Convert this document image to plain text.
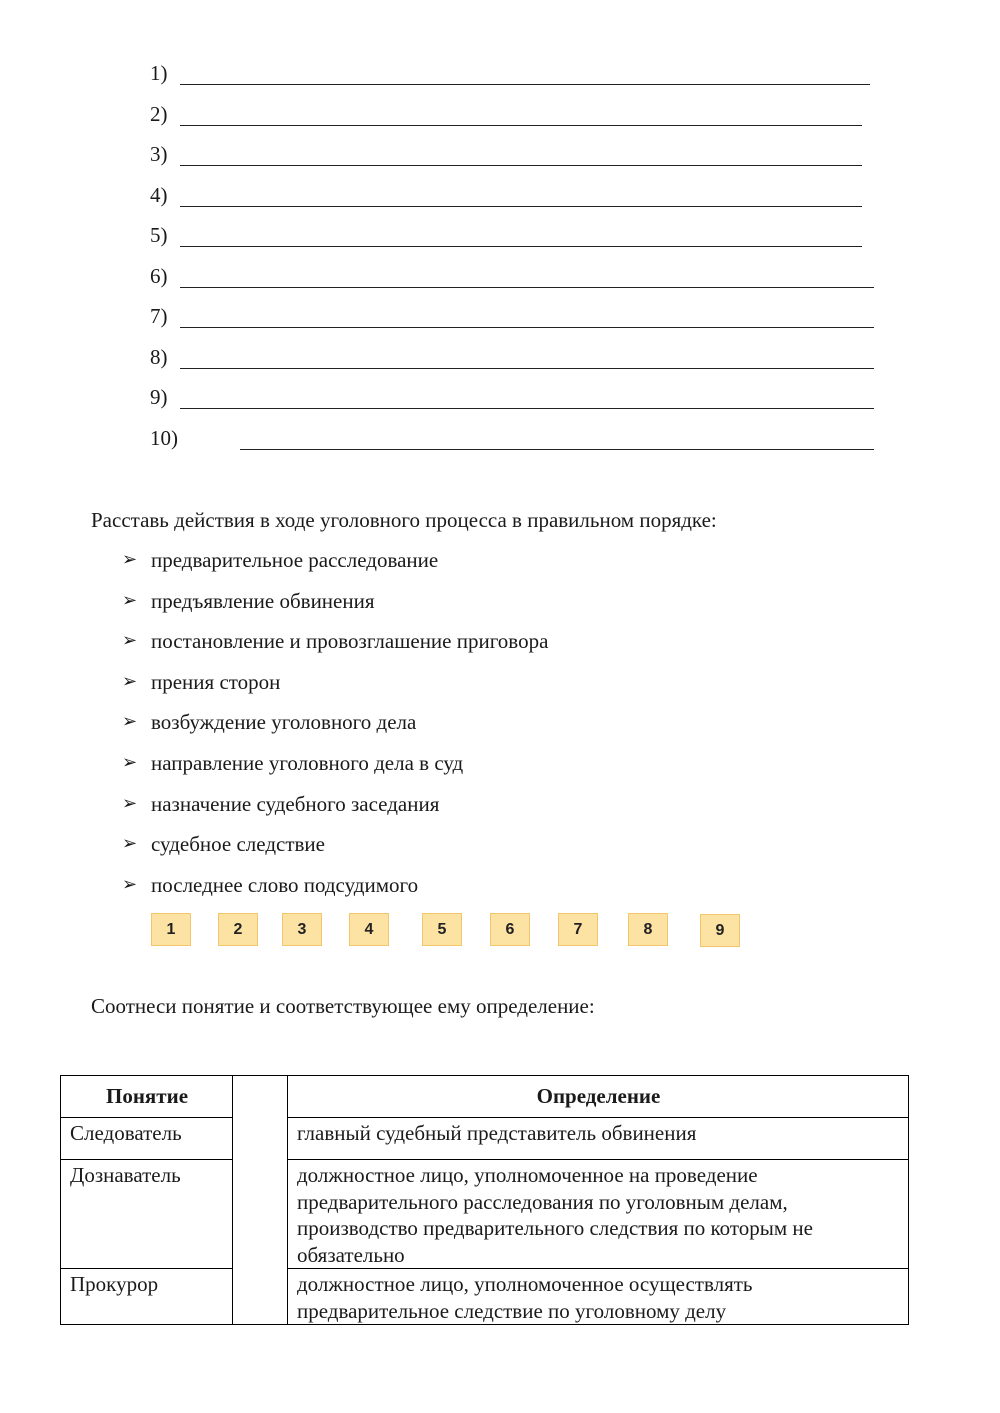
1)
2)
3)
4)
5)
6)
7)
8)
9)
10)
Расставь действия в ходе уголовного процесса в правильном порядке:
➢ предварительное расследование
➢ предъявление обвинения
➢ постановление и провозглашение приговора
➢ прения сторон
➢ возбуждение уголовного дела
➢ направление уголовного дела в суд
➢ назначение судебного заседания
➢ судебное следствие
➢ последнее слово подсудимого
1	2	3	4	5	6	7	8	9
Соотнеси понятие и соответствующее ему определение:
Понятие		Определение
Следователь		главный судебный представитель обвинения
Дознаватель		должностное лицо, уполномоченное на проведение предварительного расследования по уголовным делам, производство предварительного следствия по которым не обязательно
Прокурор		должностное лицо, уполномоченное осуществлять предварительное следствие по уголовному делу
